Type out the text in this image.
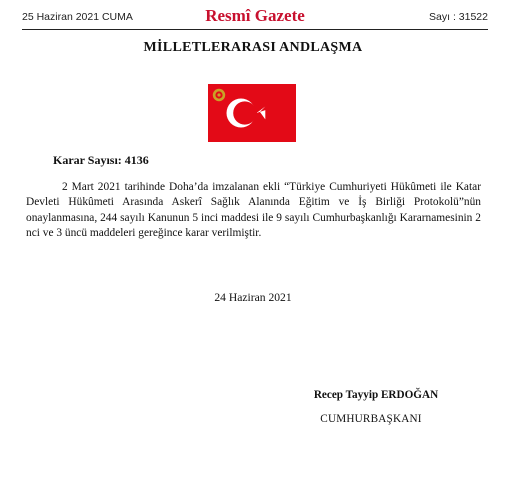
25 Haziran 2021 CUMA	Resmî Gazete	Sayı : 31522
MİLLETLERARASI ANDLAŞMA
Karar Sayısı: 4136
2 Mart 2021 tarihinde Doha’da imzalanan ekli “Türkiye Cumhuriyeti Hükûmeti ile Katar Devleti Hükûmeti Arasında Askerî Sağlık Alanında Eğitim ve İş Birliği Protokolü”nün onaylanmasına, 244 sayılı Kanunun 5 inci maddesi ile 9 sayılı Cumhurbaşkanlığı Kararnamesinin 2 nci ve 3 üncü maddeleri gereğince karar verilmiştir.
24 Haziran 2021
Recep Tayyip ERDOĞAN
CUMHURBAŞKANI
